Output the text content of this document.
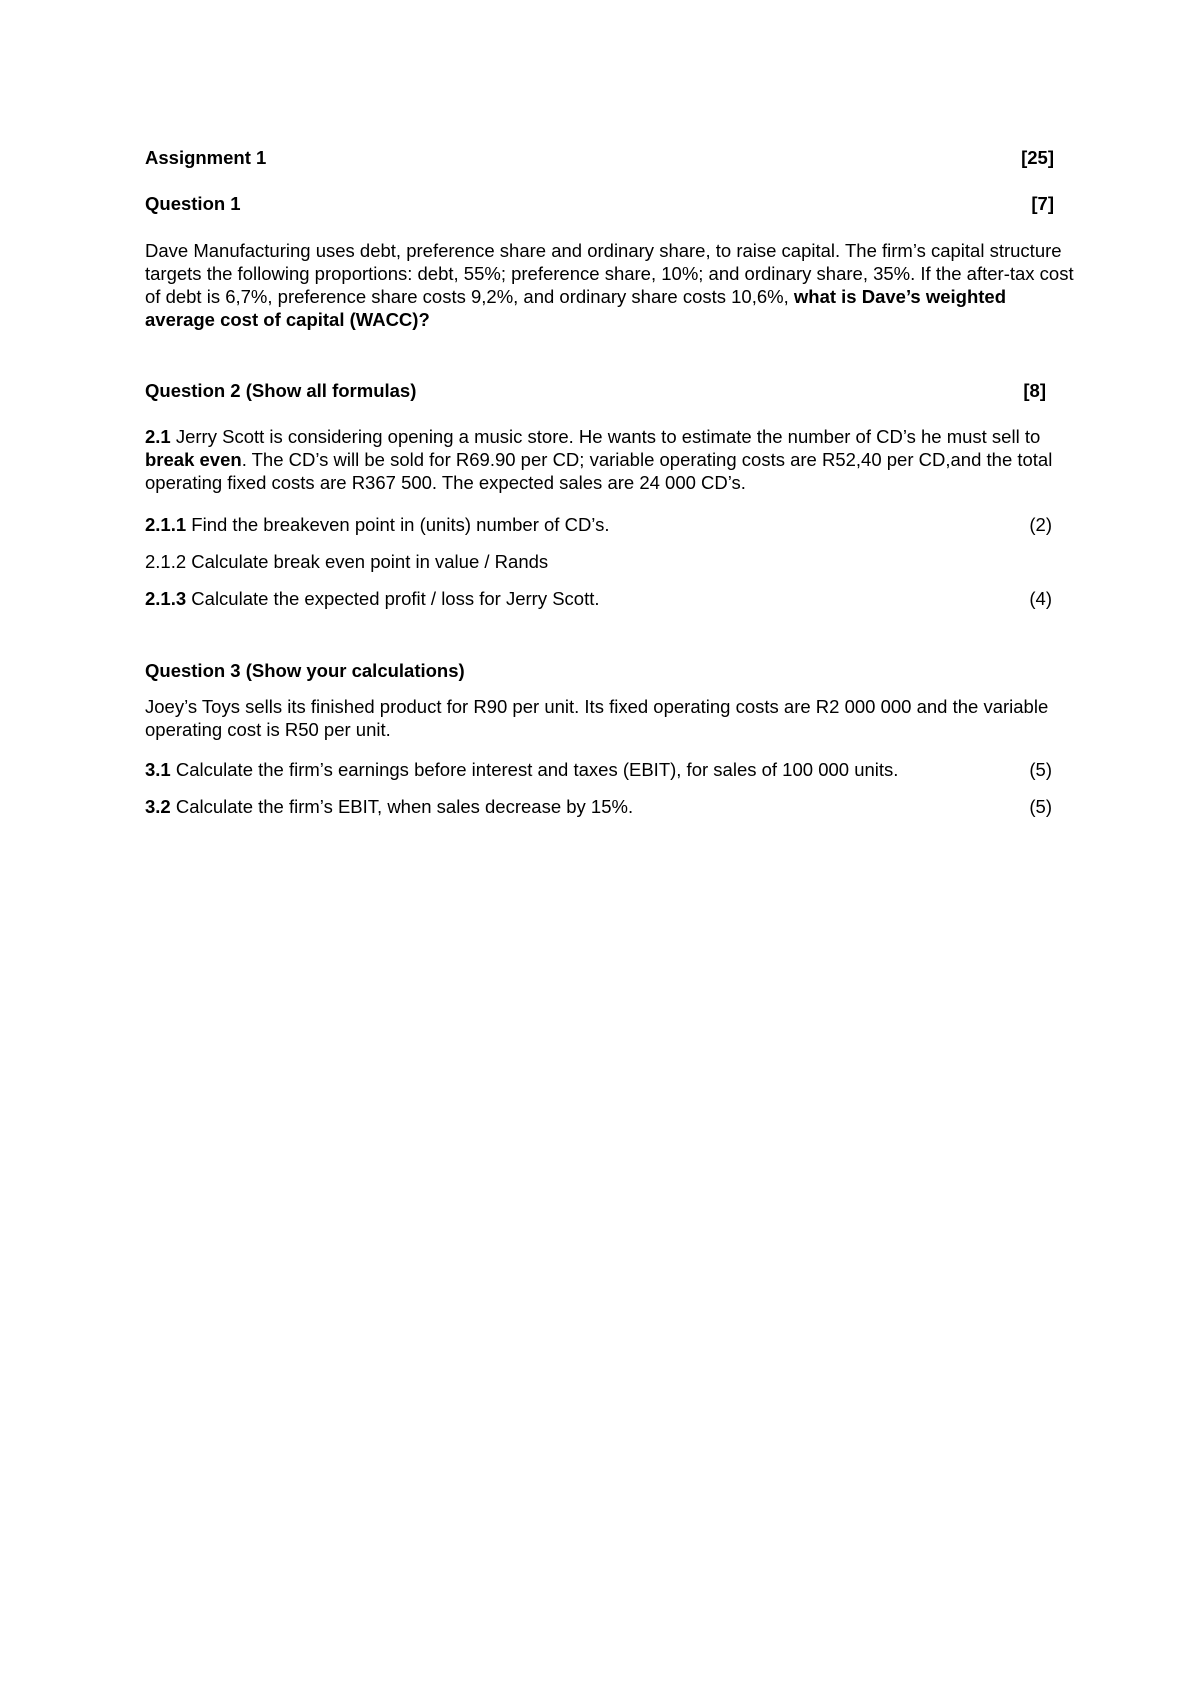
Assignment 1	[25]
Question 1	[7]

Dave Manufacturing uses debt, preference share and ordinary share, to raise capital. The firm’s capital structure targets the following proportions: debt, 55%; preference share, 10%; and ordinary share, 35%. If the after-tax cost of debt is 6,7%, preference share costs 9,2%, and ordinary share costs 10,6%, what is Dave’s weighted average cost of capital (WACC)?

Question 2 (Show all formulas)	[8]

2.1 Jerry Scott is considering opening a music store. He wants to estimate the number of CD’s he must sell to break even. The CD’s will be sold for R69.90 per CD; variable operating costs are R52,40 per CD,and the total operating fixed costs are R367 500. The expected sales are 24 000 CD’s.

2.1.1 Find the breakeven point in (units) number of CD’s.	(2)
2.1.2 Calculate break even point in value / Rands
2.1.3 Calculate the expected profit / loss for Jerry Scott.	(4)
Question 3 (Show your calculations)

Joey’s Toys sells its finished product for R90 per unit. Its fixed operating costs are R2 000 000 and the variable operating cost is R50 per unit.

3.1 Calculate the firm’s earnings before interest and taxes (EBIT), for sales of 100 000 units.	(5)
3.2 Calculate the firm’s EBIT, when sales decrease by 15%.	(5)
